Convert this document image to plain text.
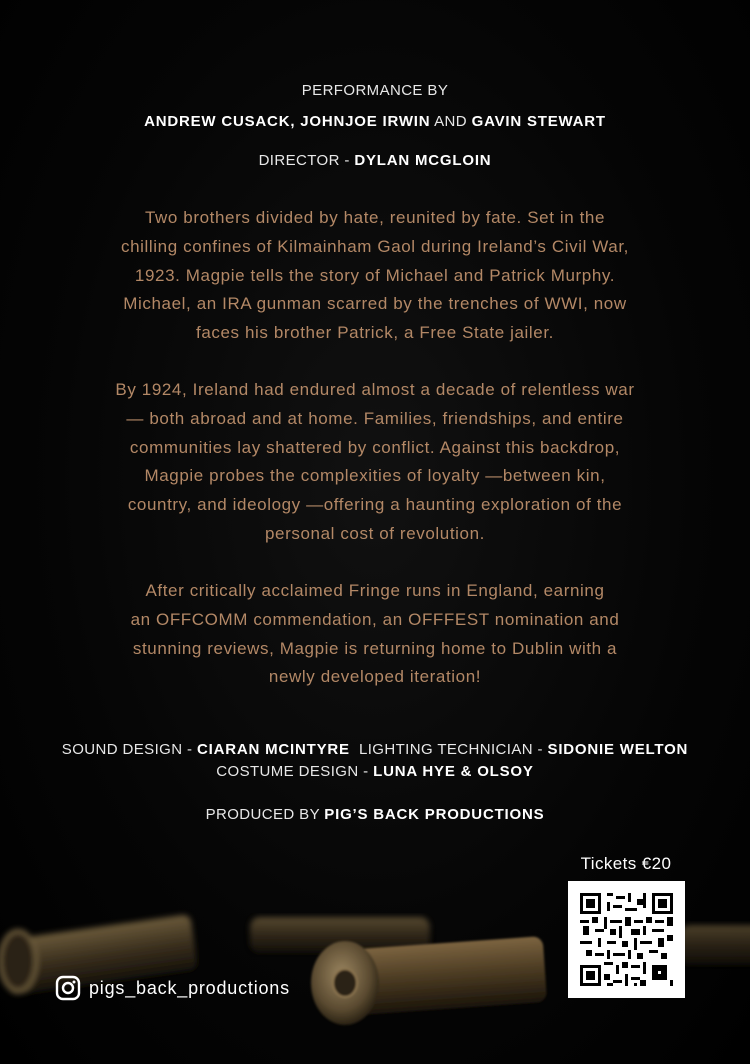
PERFORMANCE BY
ANDREW CUSACK, JOHNJOE IRWIN AND GAVIN STEWART
DIRECTOR - DYLAN MCGLOIN

Two brothers divided by hate, reunited by fate. Set in the

chilling confines of Kilmainham Gaol during Ireland’s Civil War,

1923. Magpie tells the story of Michael and Patrick Murphy.

Michael, an IRA gunman scarred by the trenches of WWI, now

faces his brother Patrick, a Free State jailer.

By 1924, Ireland had endured almost a decade of relentless war

— both abroad and at home. Families, friendships, and entire

communities lay shattered by conflict. Against this backdrop,

Magpie probes the complexities of loyalty —between kin,

country, and ideology —offering a haunting exploration of the

personal cost of revolution.

After critically acclaimed Fringe runs in England, earning

an OFFCOMM commendation, an OFFFEST nomination and

stunning reviews, Magpie is returning home to Dublin with a

newly developed iteration!

SOUND DESIGN - CIARAN MCINTYRE LIGHTING TECHNICIAN - SIDONIE WELTON
COSTUME DESIGN - LUNA HYE & OLSOY
PRODUCED BY PIG’S BACK PRODUCTIONS
Tickets €20
pigs_back_productions
